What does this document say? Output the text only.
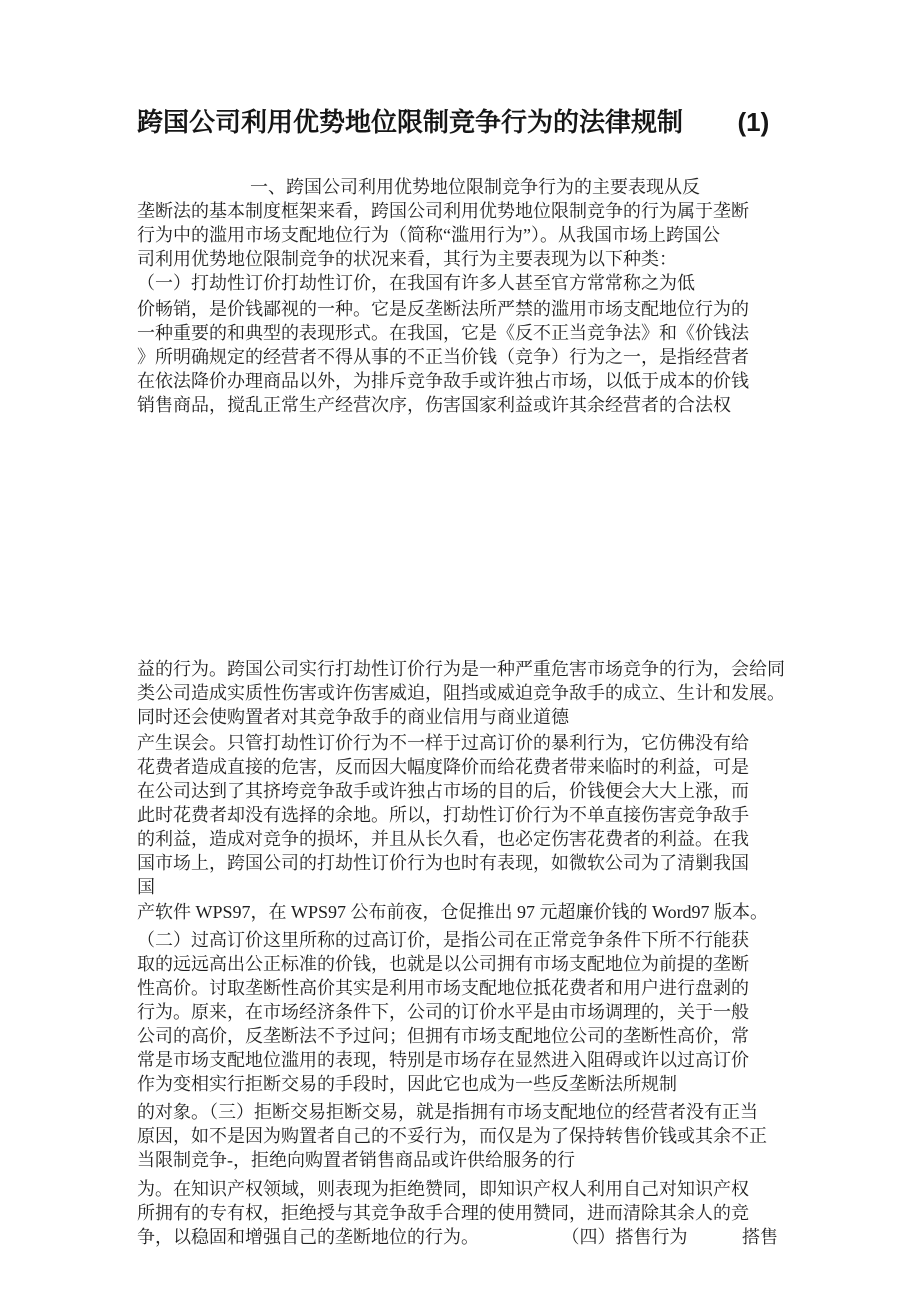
跨国公司利用优势地位限制竞争行为的法律规制 (1)
一、跨国公司利用优势地位限制竞争行为的主要表现从反
垄断法的基本制度框架来看，跨国公司利用优势地位限制竞争的行为属于垄断
行为中的滥用市场支配地位行为（简称“滥用行为”）。从我国市场上跨国公
司利用优势地位限制竞争的状况来看，其行为主要表现为以下种类：
（一）打劫性订价打劫性订价，在我国有许多人甚至官方常常称之为低
价畅销，是价钱鄙视的一种。它是反垄断法所严禁的滥用市场支配地位行为的
一种重要的和典型的表现形式。在我国，它是《反不正当竞争法》和《价钱法
》所明确规定的经营者不得从事的不正当价钱（竞争）行为之一，是指经营者
在依法降价办理商品以外，为排斥竞争敌手或许独占市场，以低于成本的价钱
销售商品，搅乱正常生产经营次序，伤害国家利益或许其余经营者的合法权
益的行为。跨国公司实行打劫性订价行为是一种严重危害市场竞争的行为，会给同
类公司造成实质性伤害或许伤害威迫，阻挡或威迫竞争敌手的成立、生计和发展。
同时还会使购置者对其竞争敌手的商业信用与商业道德
产生误会。只管打劫性订价行为不一样于过高订价的暴利行为，它仿佛没有给
花费者造成直接的危害，反而因大幅度降价而给花费者带来临时的利益，可是
在公司达到了其挤垮竞争敌手或许独占市场的目的后，价钱便会大大上涨，而
此时花费者却没有选择的余地。所以，打劫性订价行为不单直接伤害竞争敌手
的利益，造成对竞争的损坏，并且从长久看，也必定伤害花费者的利益。在我
国市场上，跨国公司的打劫性订价行为也时有表现，如微软公司为了清剿我国
国
产软件 WPS97，在 WPS97 公布前夜，仓促推出 97 元超廉价钱的 Word97 版本。
（二）过高订价这里所称的过高订价，是指公司在正常竞争条件下所不行能获
取的远远高出公正标准的价钱，也就是以公司拥有市场支配地位为前提的垄断
性高价。讨取垄断性高价其实是利用市场支配地位抵花费者和用户进行盘剥的
行为。原来，在市场经济条件下，公司的订价水平是由市场调理的，关于一般
公司的高价，反垄断法不予过问；但拥有市场支配地位公司的垄断性高价，常
常是市场支配地位滥用的表现，特别是市场存在显然进入阻碍或许以过高订价
作为变相实行拒断交易的手段时，因此它也成为一些反垄断法所规制
的对象。（三）拒断交易拒断交易，就是指拥有市场支配地位的经营者没有正当
原因，如不是因为购置者自己的不妥行为，而仅是为了保持转售价钱或其余不正
当限制竞争-，拒绝向购置者销售商品或许供给服务的行
为。在知识产权领域，则表现为拒绝赞同，即知识产权人利用自己对知识产权
所拥有的专有权，拒绝授与其竞争敌手合理的使用赞同，进而清除其余人的竞
争，以稳固和增强自己的垄断地位的行为。	（四）搭售行为	搭售
